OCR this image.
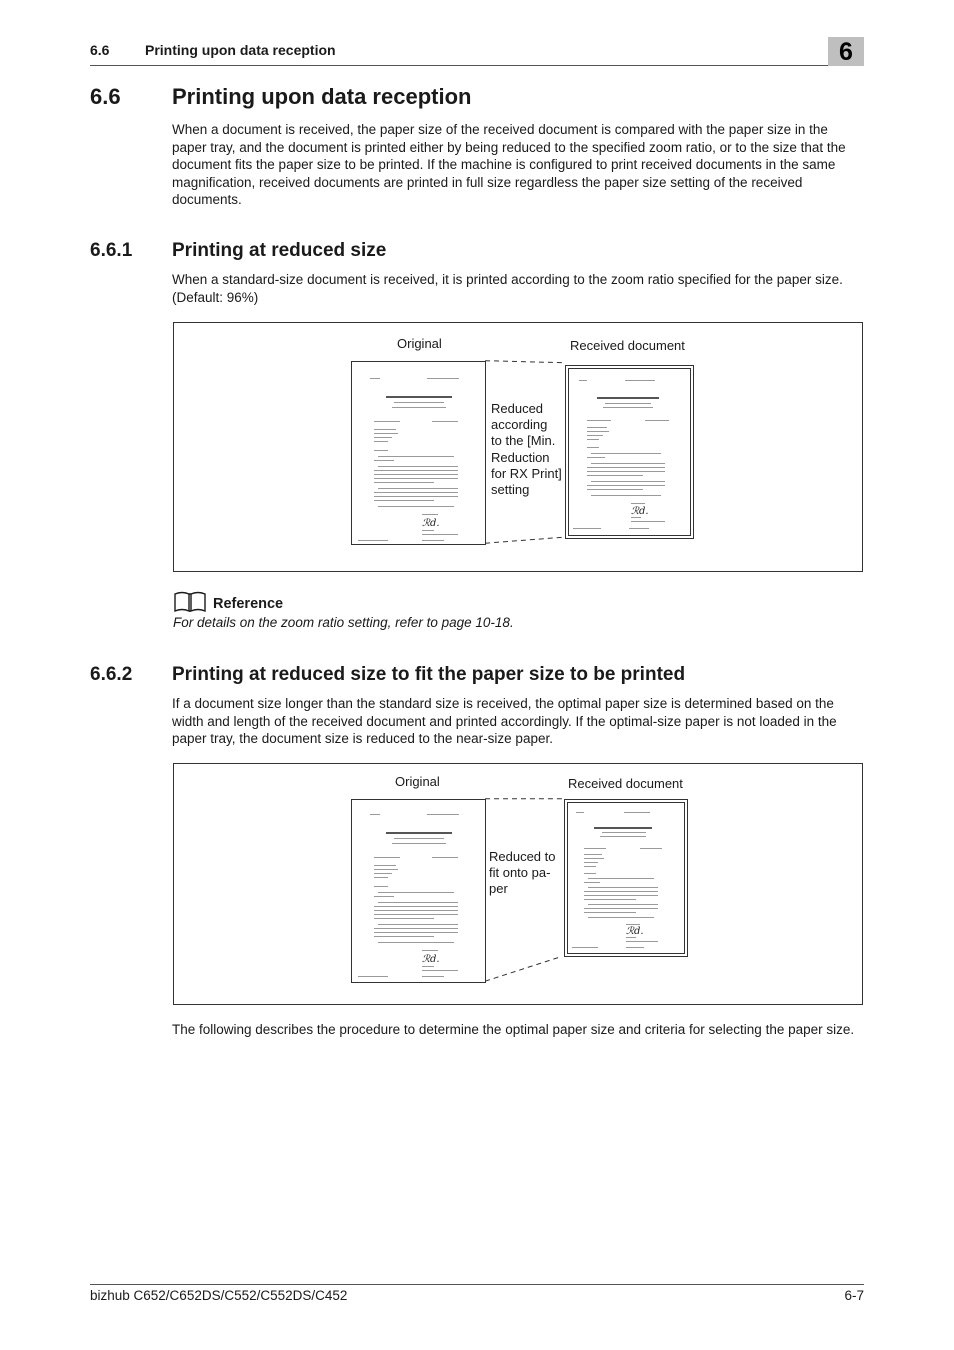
6.6	Printing upon data reception	6
6.6 Printing upon data reception

When a document is received, the paper size of the received document is compared with the paper size in the paper tray, and the document is printed either by being reduced to the specified zoom ratio, or to the size that the document fits the paper size to be printed. If the machine is configured to print received documents in the same magnification, received documents are printed in full size regardless the paper size setting of the received documents.

6.6.1 Printing at reduced size

When a standard-size document is received, it is printed according to the zoom ratio specified for the paper size. (Default: 96%)

Original	Received document
ℛd.
ℛd.
Reduced
according
to the [Min.
Reduction
for RX Print]
setting
Reference
For details on the zoom ratio setting, refer to page 10-18.
6.6.2 Printing at reduced size to fit the paper size to be printed

If a document size longer than the standard size is received, the optimal paper size is determined based on the width and length of the received document and printed accordingly. If the optimal-size paper is not loaded in the paper tray, the document size is reduced to the near-size paper.

Original	Received document
ℛd.
ℛd.
Reduced to
fit onto pa-
per

The following describes the procedure to determine the optimal paper size and criteria for selecting the paper size.

bizhub C652/C652DS/C552/C552DS/C452	6-7
